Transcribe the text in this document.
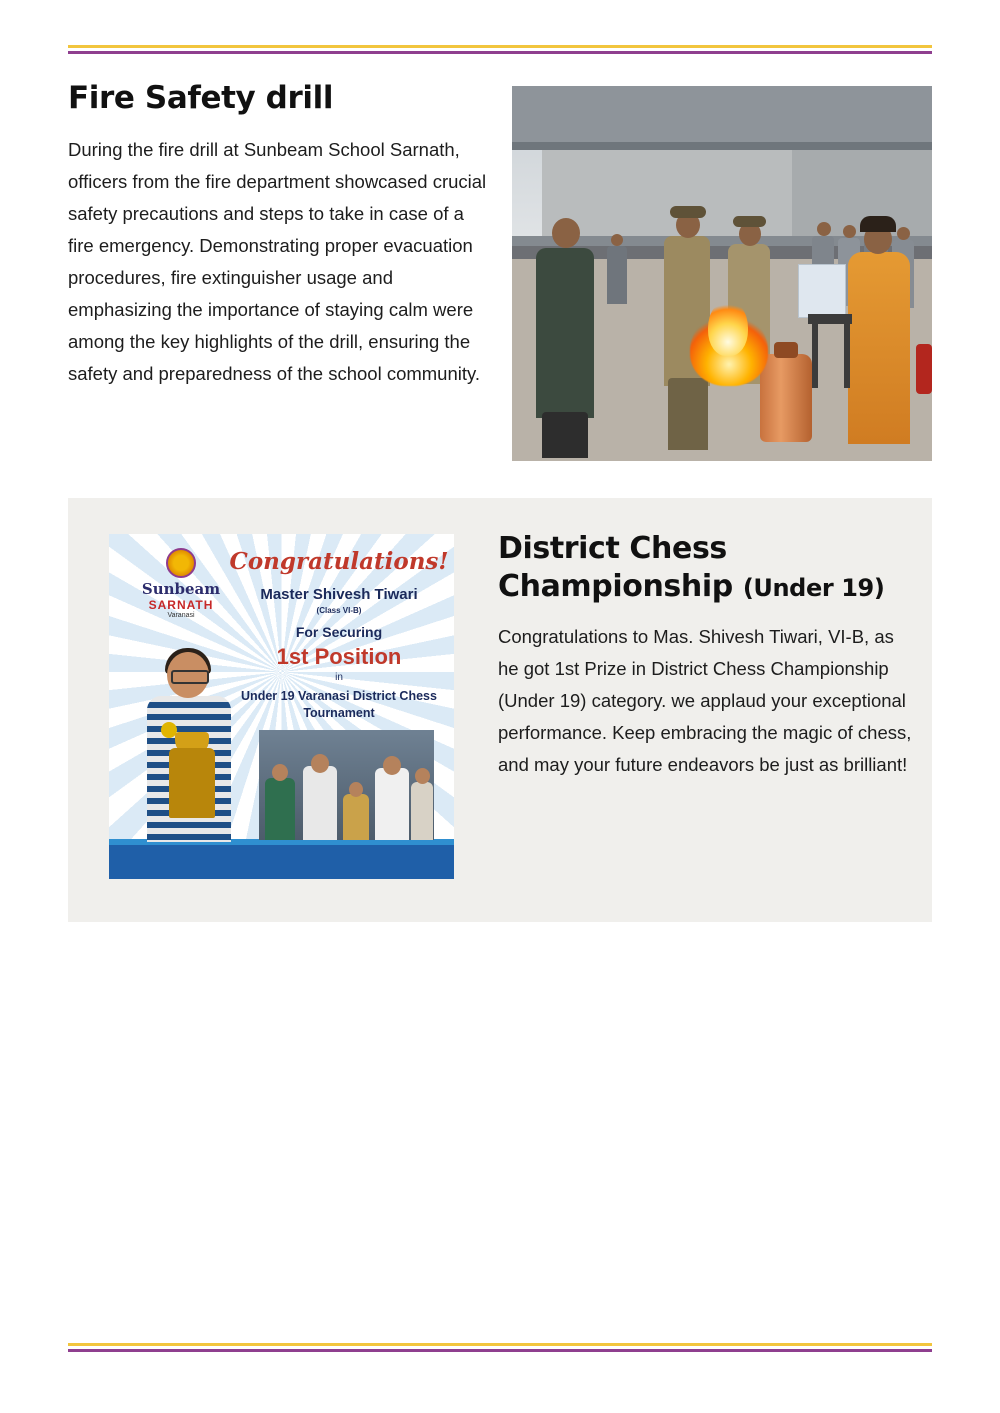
Fire Safety drill

During the fire drill at Sunbeam School Sarnath, officers from the fire department showcased crucial safety precautions and steps to take in case of a fire emergency. Demonstrating proper evacuation procedures, fire extinguisher usage and emphasizing the importance of staying calm were among the key highlights of the drill, ensuring the safety and preparedness of the school community.

Sunbeam
SARNATH
Varanasi
Congratulations!
Master Shivesh Tiwari
(Class VI-B)
For Securing
1st Position
in
Under 19 Varanasi District Chess Tournament
District Chess Championship (Under 19)

Congratulations to Mas. Shivesh Tiwari, VI-B, as he got 1st Prize in District Chess Championship (Under 19) category. we applaud your exceptional performance. Keep embracing the magic of chess, and may your future endeavors be just as brilliant!
